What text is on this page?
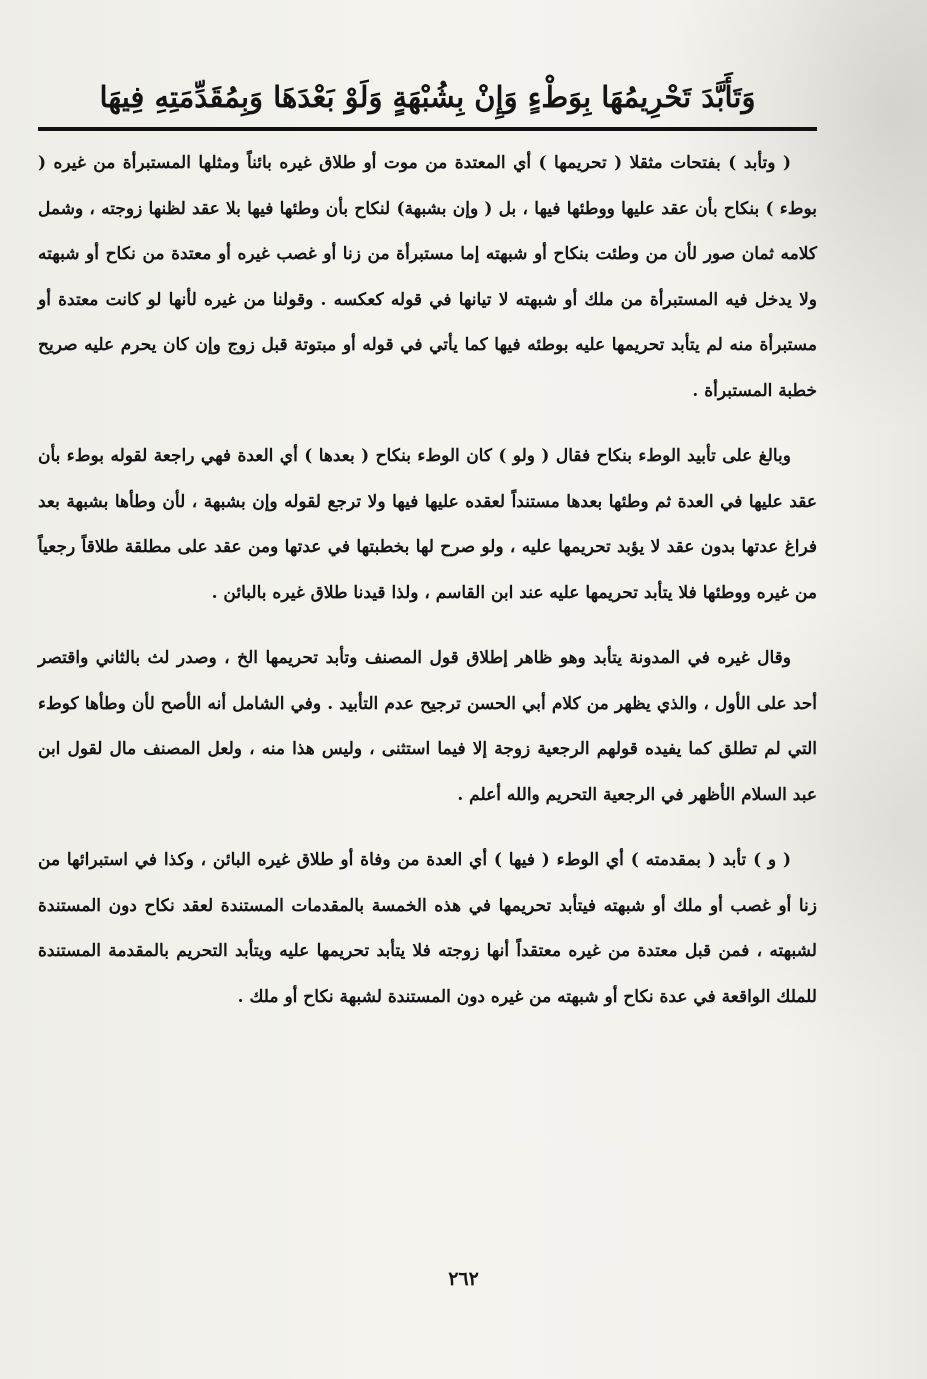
وَتَأَبَّدَ تَحْرِيمُهَا بِوَطْءٍ وَإِنْ بِشُبْهَةٍ وَلَوْ بَعْدَهَا وَبِمُقَدِّمَتِهِ فِيهَا

( وتأبد ) بفتحات مثقلا ( تحريمها ) أي المعتدة من موت أو طلاق غيره بائناً ومثلها المستبرأة من غيره ( بوطء ) بنكاح بأن عقد عليها ووطئها فيها ، بل ( وإن بشبهة) لنكاح بأن وطئها فيها بلا عقد لظنها زوجته ، وشمل كلامه ثمان صور لأن من وطئت بنكاح أو شبهته إما مستبرأة من زنا أو غصب غيره أو معتدة من نكاح أو شبهته ولا يدخل فيه المستبرأة من ملك أو شبهته لا تيانها في قوله كعكسه . وقولنا من غيره لأنها لو كانت معتدة أو مستبرأة منه لم يتأبد تحريمها عليه بوطئه فيها كما يأتي في قوله أو مبتوتة قبل زوج وإن كان يحرم عليه صريح خطبة المستبرأة .

وبالغ على تأبيد الوطء بنكاح فقال ( ولو ) كان الوطء بنكاح ( بعدها ) أي العدة فهي راجعة لقوله بوطء بأن عقد عليها في العدة ثم وطئها بعدها مستنداً لعقده عليها فيها ولا ترجع لقوله وإن بشبهة ، لأن وطأها بشبهة بعد فراغ عدتها بدون عقد لا يؤبد تحريمها عليه ، ولو صرح لها بخطبتها في عدتها ومن عقد على مطلقة طلاقاً رجعياً من غيره ووطئها فلا يتأبد تحريمها عليه عند ابن القاسم ، ولذا قيدنا طلاق غيره بالبائن .

وقال غيره في المدونة يتأبد وهو ظاهر إطلاق قول المصنف وتأبد تحريمها الخ ، وصدر لث بالثاني واقتصر أحد على الأول ، والذي يظهر من كلام أبي الحسن ترجيح عدم التأبيد . وفي الشامل أنه الأصح لأن وطأها كوطء التي لم تطلق كما يفيده قولهم الرجعية زوجة إلا فيما استثنى ، وليس هذا منه ، ولعل المصنف مال لقول ابن عبد السلام الأظهر في الرجعية التحريم والله أعلم .

( و ) تأبد ( بمقدمته ) أي الوطء ( فيها ) أي العدة من وفاة أو طلاق غيره البائن ، وكذا في استبرائها من زنا أو غصب أو ملك أو شبهته فيتأبد تحريمها في هذه الخمسة بالمقدمات المستندة لعقد نكاح دون المستندة لشبهته ، فمن قبل معتدة من غيره معتقداً أنها زوجته فلا يتأبد تحريمها عليه ويتأبد التحريم بالمقدمة المستندة للملك الواقعة في عدة نكاح أو شبهته من غيره دون المستندة لشبهة نكاح أو ملك .

٢٦٢
